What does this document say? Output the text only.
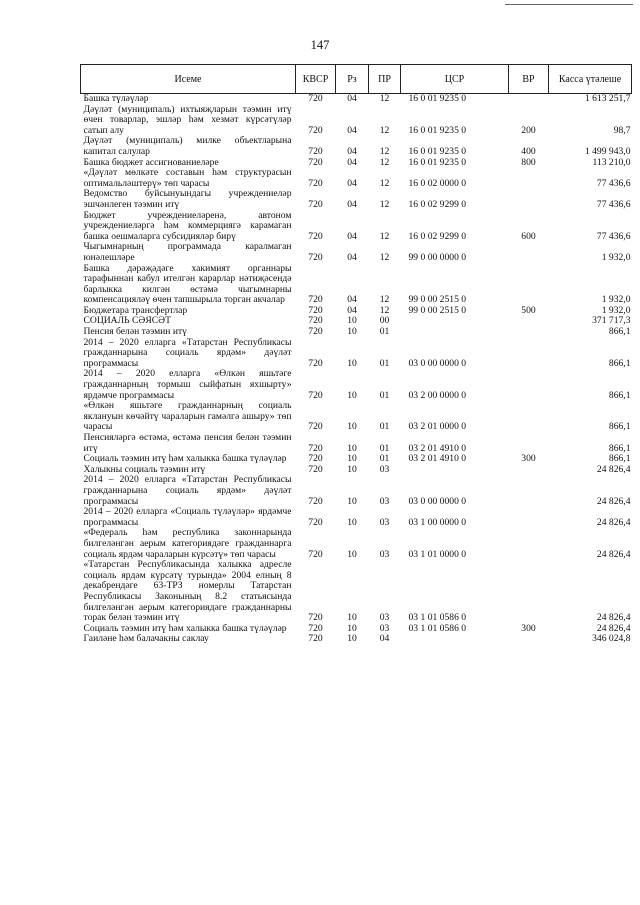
147
Исеме	КВСР	Рз	ПР	ЦСР	ВР	Касса үтәлеше
Башка түләүләр	720	04	12	16 0 01 9235 0		1 613 251,7
Дәүләт (муниципаль) ихтыяҗларын тәэмин итү өчен товарлар, эшләр һәм хезмәт күрсәтүләр сатып алу	720	04	12	16 0 01 9235 0	200	98,7
Дәүләт (муниципаль) милке объектларына капитал салулар	720	04	12	16 0 01 9235 0	400	1 499 943,0
Башка бюджет ассигнованиеләре	720	04	12	16 0 01 9235 0	800	113 210,0
«Дәүләт мөлкәте составын һәм структурасын оптимальләштерү» төп чарасы	720	04	12	16 0 02 0000 0		77 436,6
Ведомство буйсынуындагы учреждениеләр эшчәнлеген тәэмин итү	720	04	12	16 0 02 9299 0		77 436,6
Бюджет учреждениеләренә, автоном учреждениеләргә һәм коммерциягә карамаган башка оешмаларга субсидияләр бирү	720	04	12	16 0 02 9299 0	600	77 436,6
Чыгымнарның программада каралмаган юнәлешләре	720	04	12	99 0 00 0000 0		1 932,0
Башка дәрәҗәдәге хакимият органнары тарафыннан кабул ителгән карарлар нәтиҗәсендә барлыкка килгән өстәмә чыгымнарны компенсацияләү өчен тапшырыла торган акчалар	720	04	12	99 0 00 2515 0		1 932,0
Бюджетара трансфертлар	720	04	12	99 0 00 2515 0	500	1 932,0
СОЦИАЛЬ СӘЯСӘТ	720	10	00			371 717,3
Пенсия белән тәэмин итү	720	10	01			866,1
2014 – 2020 елларга «Татарстан Республикасы гражданнарына социаль ярдәм» дәүләт программасы	720	10	01	03 0 00 0000 0		866,1
2014 – 2020 елларга «Өлкән яшьтәге гражданнарның тормыш сыйфатын яхшырту» ярдәмче программасы	720	10	01	03 2 00 0000 0		866,1
«Өлкән яшьтәге гражданнарның социаль яклануын көчәйтү чараларын гамәлгә ашыру» төп чарасы	720	10	01	03 2 01 0000 0		866,1
Пенсияләргә өстәмә, өстәмә пенсия белән тәэмин итү	720	10	01	03 2 01 4910 0		866,1
Социаль тәэмин итү һәм халыкка башка түләүләр	720	10	01	03 2 01 4910 0	300	866,1
Халыкны социаль тәэмин итү	720	10	03			24 826,4
2014 – 2020 елларга «Татарстан Республикасы гражданнарына социаль ярдәм» дәүләт программасы	720	10	03	03 0 00 0000 0		24 826,4
2014 – 2020 елларга «Социаль түләүләр» ярдәмче программасы	720	10	03	03 1 00 0000 0		24 826,4
«Федераль һәм республика законнарында билгеләнгән аерым категориядәге гражданнарга социаль ярдәм чараларын күрсәтү» төп чарасы	720	10	03	03 1 01 0000 0		24 826,4
«Татарстан Республикасында халыкка адресле социаль ярдәм күрсәтү турында» 2004 елның 8 декабрендәге 63-ТРЗ номерлы Татарстан Республикасы Законының 8.2 статьясында билгеләнгән аерым категориядәге гражданнарны торак белән тәэмин итү	720	10	03	03 1 01 0586 0		24 826,4
Социаль тәэмин итү һәм халыкка башка түләүләр	720	10	03	03 1 01 0586 0	300	24 826,4
Гаиләне һәм балачакны саклау	720	10	04			346 024,8
